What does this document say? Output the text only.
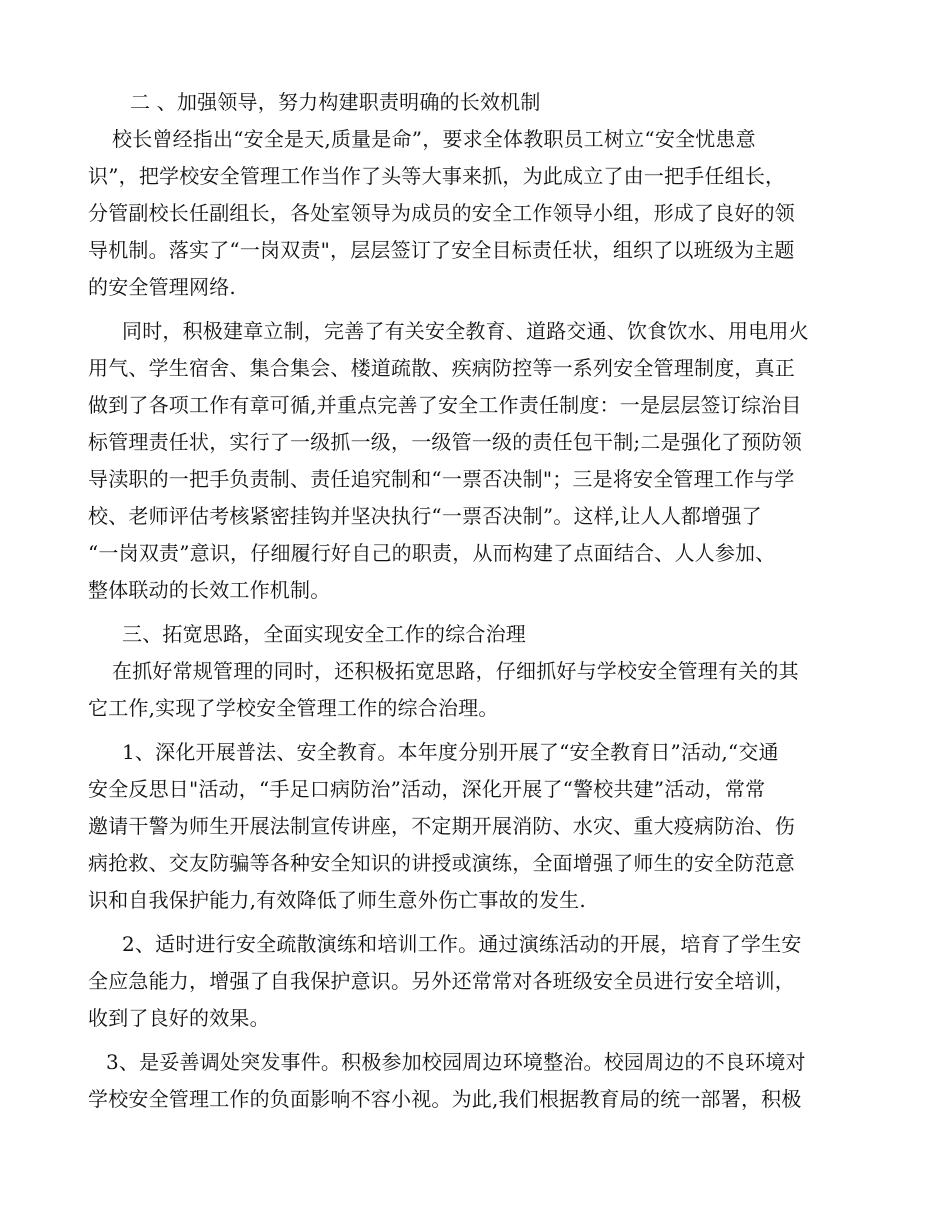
二 、加强领导，努力构建职责明确的长效机制
校长曾经指出“安全是天,质量是命”，要求全体教职员工树立“安全忧患意
识”，把学校安全管理工作当作了头等大事来抓，为此成立了由一把手任组长，
分管副校长任副组长，各处室领导为成员的安全工作领导小组，形成了良好的领
导机制。落实了“一岗双责"，层层签订了安全目标责任状，组织了以班级为主题
的安全管理网络.
同时，积极建章立制，完善了有关安全教育、道路交通、饮食饮水、用电用火
用气、学生宿舍、集合集会、楼道疏散、疾病防控等一系列安全管理制度，真正
做到了各项工作有章可循,并重点完善了安全工作责任制度：一是层层签订综治目
标管理责任状，实行了一级抓一级，一级管一级的责任包干制;二是强化了预防领
导渎职的一把手负责制、责任追究制和“一票否决制"；三是将安全管理工作与学
校、老师评估考核紧密挂钩并坚决执行“一票否决制”。这样,让人人都增强了
“一岗双责”意识，仔细履行好自己的职责，从而构建了点面结合、人人参加、
整体联动的长效工作机制。
三、拓宽思路，全面实现安全工作的综合治理
在抓好常规管理的同时，还积极拓宽思路，仔细抓好与学校安全管理有关的其
它工作,实现了学校安全管理工作的综合治理。
1、深化开展普法、安全教育。本年度分别开展了“安全教育日”活动,“交通
安全反思日"活动，“手足口病防治”活动，深化开展了“警校共建”活动，常常
邀请干警为师生开展法制宣传讲座，不定期开展消防、水灾、重大疫病防治、伤
病抢救、交友防骗等各种安全知识的讲授或演练，全面增强了师生的安全防范意
识和自我保护能力,有效降低了师生意外伤亡事故的发生.
2、适时进行安全疏散演练和培训工作。通过演练活动的开展，培育了学生安
全应急能力，增强了自我保护意识。另外还常常对各班级安全员进行安全培训，
收到了良好的效果。
3、是妥善调处突发事件。积极参加校园周边环境整治。校园周边的不良环境对
学校安全管理工作的负面影响不容小视。为此,我们根据教育局的统一部署，积极
